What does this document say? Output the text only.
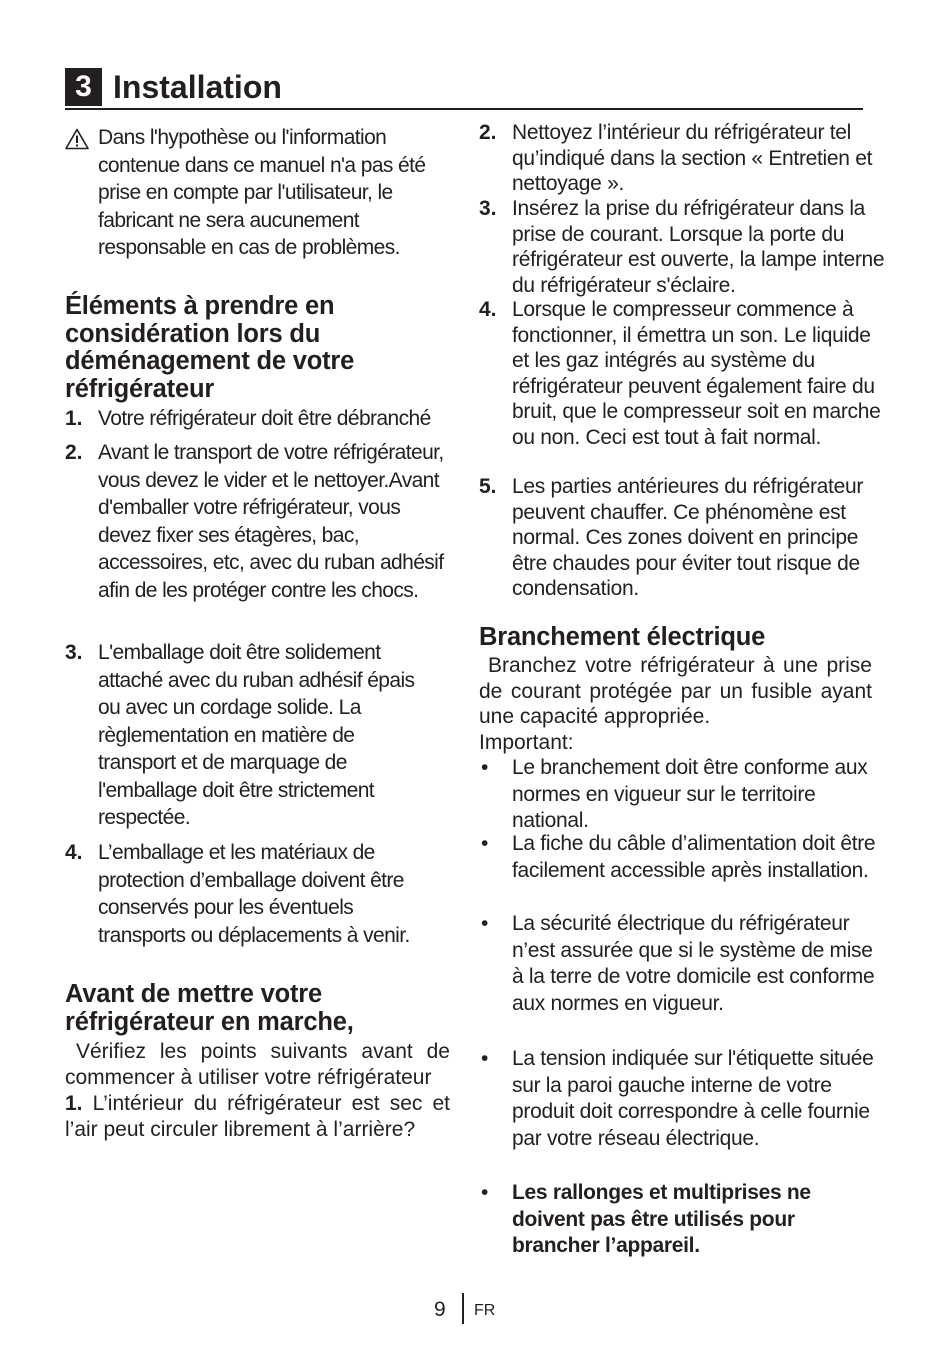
3 Installation
Dans l'hypothèse ou l'information contenue dans ce manuel n'a pas été prise en compte par l'utilisateur, le fabricant ne sera aucunement responsable en cas de problèmes.
Éléments à prendre en considération lors du déménagement de votre réfrigérateur
1. Votre réfrigérateur doit être débranché
2. Avant le transport de votre réfrigérateur, vous devez le vider et le nettoyer.Avant d'emballer votre réfrigérateur, vous devez fixer ses étagères, bac, accessoires, etc, avec du ruban adhésif afin de les protéger contre les chocs.
3. L'emballage doit être solidement attaché avec du ruban adhésif épais ou avec un cordage solide. La règlementation en matière de transport et de marquage de l'emballage doit être strictement respectée.
4. L’emballage et les matériaux de protection d’emballage doivent être conservés pour les éventuels transports ou déplacements à venir.
Avant de mettre votre réfrigérateur en marche,
Vérifiez les points suivants avant de commencer à utiliser votre réfrigérateur
1. L’intérieur du réfrigérateur est sec et l’air peut circuler librement à l’arrière?
2. Nettoyez l’intérieur du réfrigérateur tel qu’indiqué dans la section « Entretien et nettoyage ».
3. Insérez la prise du réfrigérateur dans la prise de courant. Lorsque la porte du réfrigérateur est ouverte, la lampe interne du réfrigérateur s'éclaire.
4. Lorsque le compresseur commence à fonctionner, il émettra un son. Le liquide et les gaz intégrés au système du réfrigérateur peuvent également faire du bruit, que le compresseur soit en marche ou non. Ceci est tout à fait normal.
5. Les parties antérieures du réfrigérateur peuvent chauffer. Ce phénomène est normal. Ces zones doivent en principe être chaudes pour éviter tout risque de condensation.
Branchement électrique
Branchez votre réfrigérateur à une prise de courant protégée par un fusible ayant une capacité appropriée.
Important:
• Le branchement doit être conforme aux normes en vigueur sur le territoire national.
• La fiche du câble d’alimentation doit être facilement accessible après installation.
• La sécurité électrique du réfrigérateur n’est assurée que si le système de mise à la terre de votre domicile est conforme aux normes en vigueur.
• La tension indiquée sur l'étiquette située sur la paroi gauche interne de votre produit doit correspondre à celle fournie par votre réseau électrique.
• Les rallonges et multiprises ne doivent pas être utilisés pour brancher l’appareil.
9 FR
